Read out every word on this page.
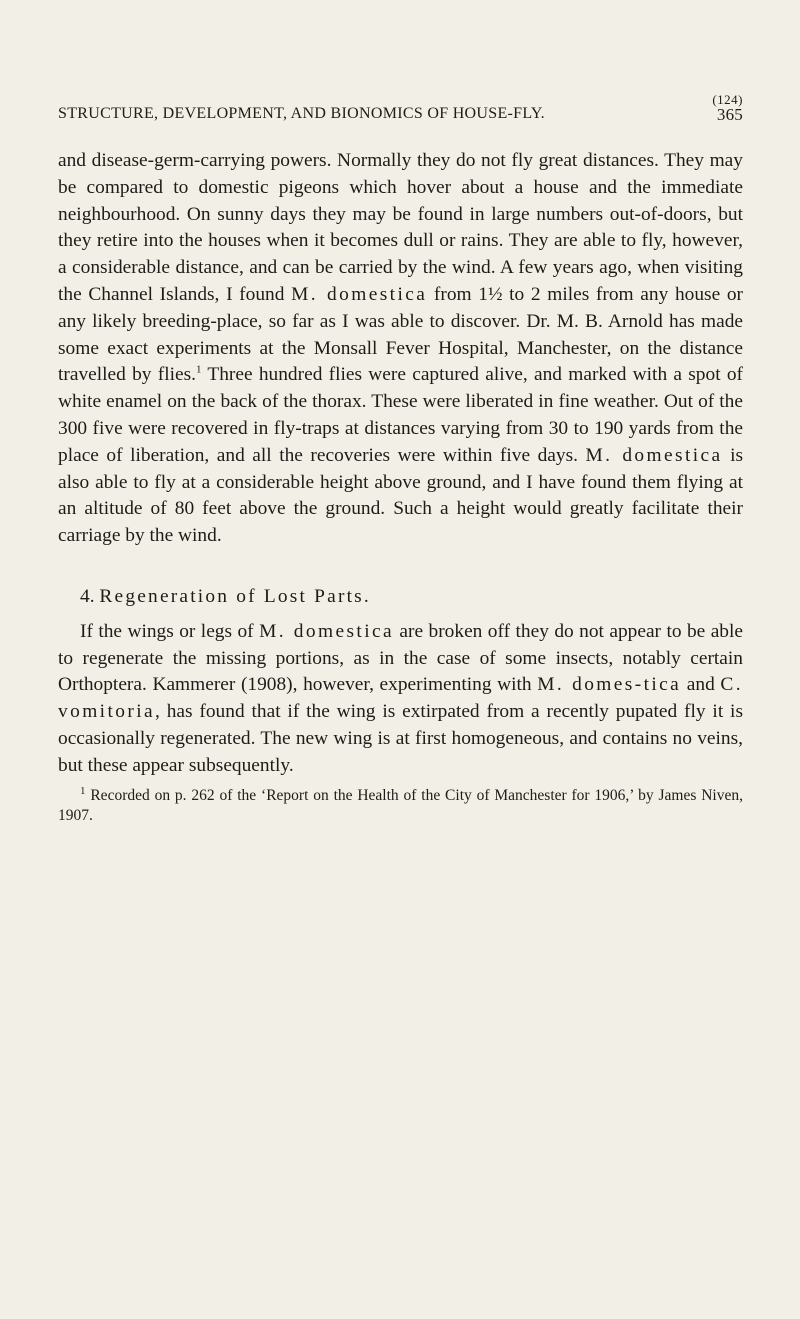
(124)
STRUCTURE, DEVELOPMENT, AND BIONOMICS OF HOUSE-FLY.	365

and disease-germ-carrying powers. Normally they do not fly great distances. They may be compared to domestic pigeons which hover about a house and the immediate neighbourhood. On sunny days they may be found in large numbers out-of-doors, but they retire into the houses when it becomes dull or rains. They are able to fly, however, a considerable distance, and can be carried by the wind. A few years ago, when visiting the Channel Islands, I found M. domestica from 1½ to 2 miles from any house or any likely breeding-place, so far as I was able to discover. Dr. M. B. Arnold has made some exact experiments at the Monsall Fever Hospital, Manchester, on the distance travelled by flies.$^1$ Three hundred flies were captured alive, and marked with a spot of white enamel on the back of the thorax. These were liberated in fine weather. Out of the 300 five were recovered in fly-traps at distances varying from 30 to 190 yards from the place of liberation, and all the recoveries were within five days. M. domestica is also able to fly at a considerable height above ground, and I have found them flying at an altitude of 80 feet above the ground. Such a height would greatly facilitate their carriage by the wind.

4. Regeneration of Lost Parts.

If the wings or legs of M. domestica are broken off they do not appear to be able to regenerate the missing portions, as in the case of some insects, notably certain Orthoptera. Kammerer (1908), however, experimenting with M. domes-tica and C. vomitoria, has found that if the wing is extirpated from a recently pupated fly it is occasionally regenerated. The new wing is at first homogeneous, and contains no veins, but these appear subsequently.

$^1$ Recorded on p. 262 of the ‘Report on the Health of the City of Manchester for 1906,’ by James Niven, 1907.
